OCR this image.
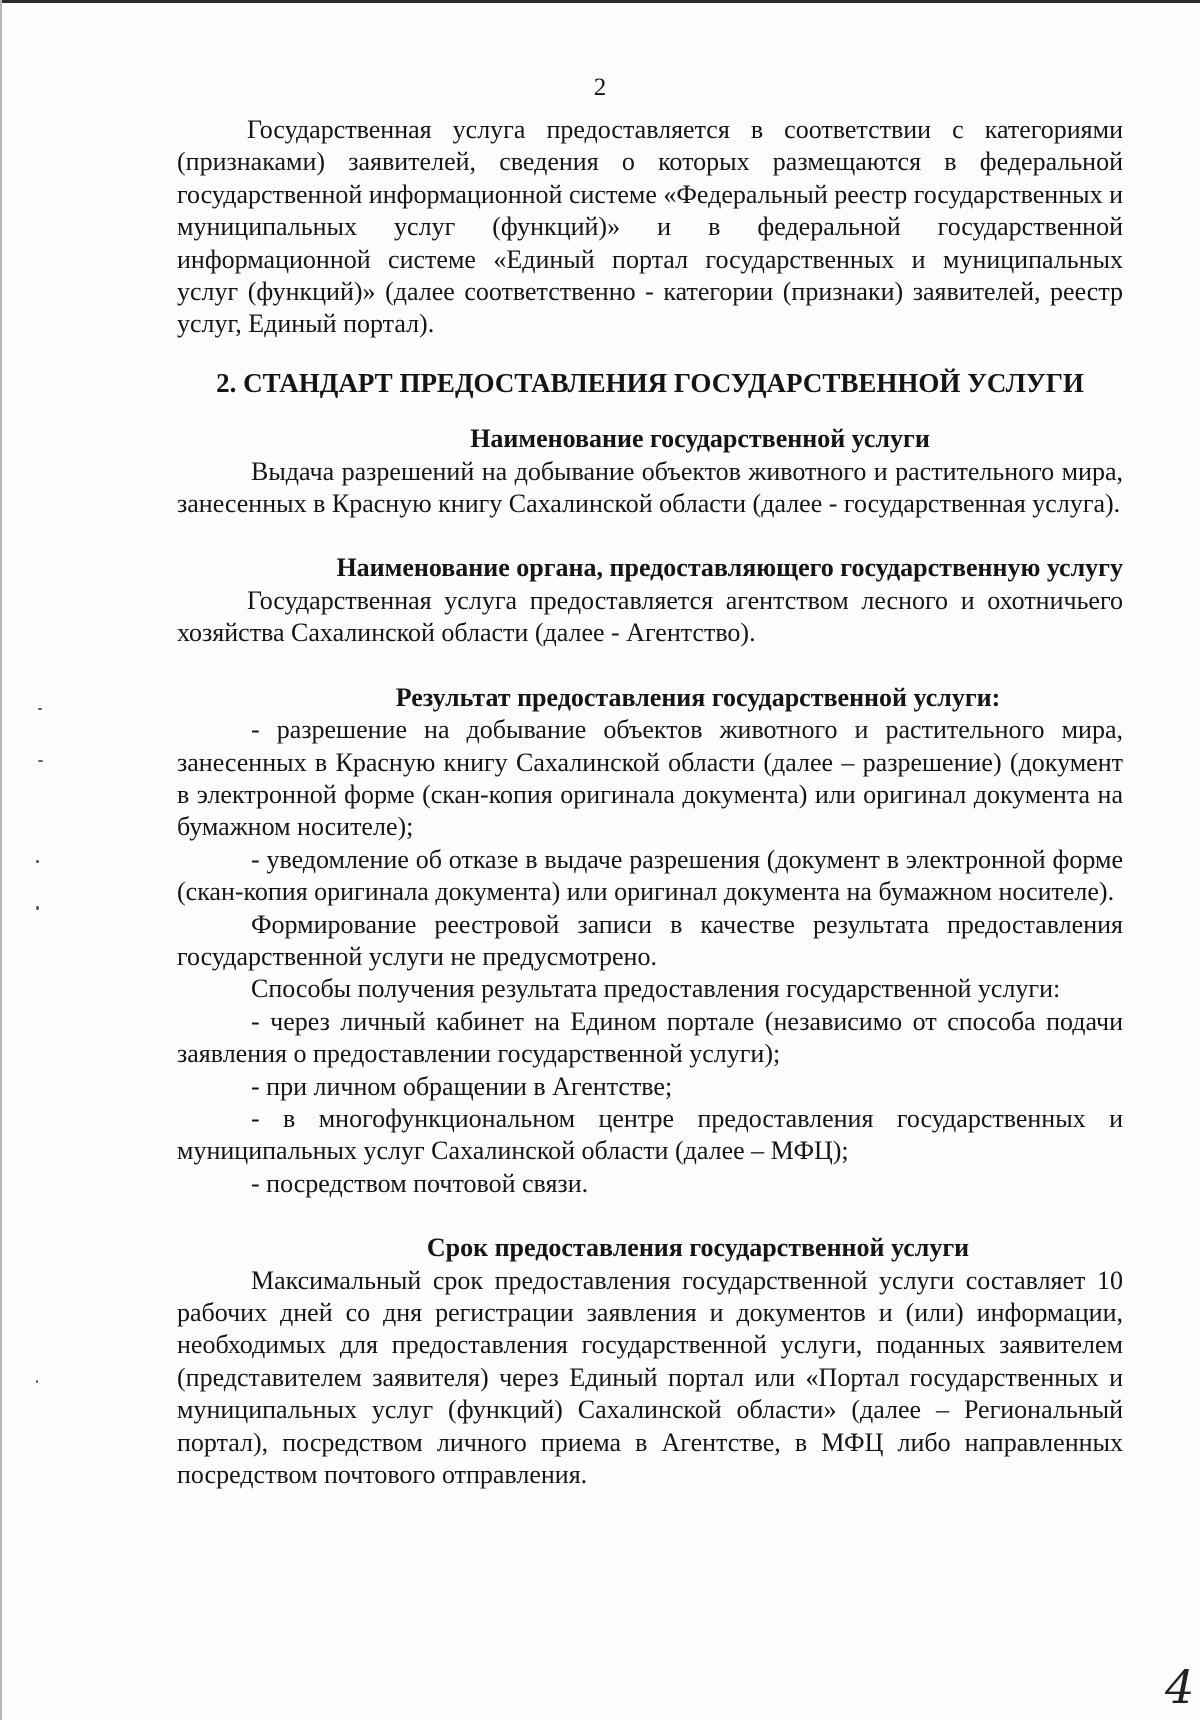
2

Государственная услуга предоставляется в соответствии с категориями (признаками) заявителей, сведения о которых размещаются в федеральной государственной информационной системе «Федеральный реестр государственных и муниципальных услуг (функций)» и в федеральной государственной информационной системе «Единый портал государственных и муниципальных услуг (функций)» (далее соответственно - категории (признаки) заявителей, реестр услуг, Единый портал).

2. СТАНДАРТ ПРЕДОСТАВЛЕНИЯ ГОСУДАРСТВЕННОЙ УСЛУГИ

Наименование государственной услуги

Выдача разрешений на добывание объектов животного и растительного мира, занесенных в Красную книгу Сахалинской области (далее - государственная услуга).

Наименование органа, предоставляющего государственную услугу

Государственная услуга предоставляется агентством лесного и охотничьего хозяйства Сахалинской области (далее - Агентство).

Результат предоставления государственной услуги:

- разрешение на добывание объектов животного и растительного мира, занесенных в Красную книгу Сахалинской области (далее – разрешение) (документ в электронной форме (скан-копия оригинала документа) или оригинал документа на бумажном носителе);

- уведомление об отказе в выдаче разрешения (документ в электронной форме (скан-копия оригинала документа) или оригинал документа на бумажном носителе).

Формирование реестровой записи в качестве результата предоставления государственной услуги не предусмотрено.

Способы получения результата предоставления государственной услуги:

- через личный кабинет на Едином портале (независимо от способа подачи заявления о предоставлении государственной услуги);

- при личном обращении в Агентстве;

- в многофункциональном центре предоставления государственных и муниципальных услуг Сахалинской области (далее – МФЦ);

- посредством почтовой связи.

Срок предоставления государственной услуги

Максимальный срок предоставления государственной услуги составляет 10 рабочих дней со дня регистрации заявления и документов и (или) информации, необходимых для предоставления государственной услуги, поданных заявителем (представителем заявителя) через Единый портал или «Портал государственных и муниципальных услуг (функций) Сахалинской области» (далее – Региональный портал), посредством личного приема в Агентстве, в МФЦ либо направленных посредством почтового отправления.

4
